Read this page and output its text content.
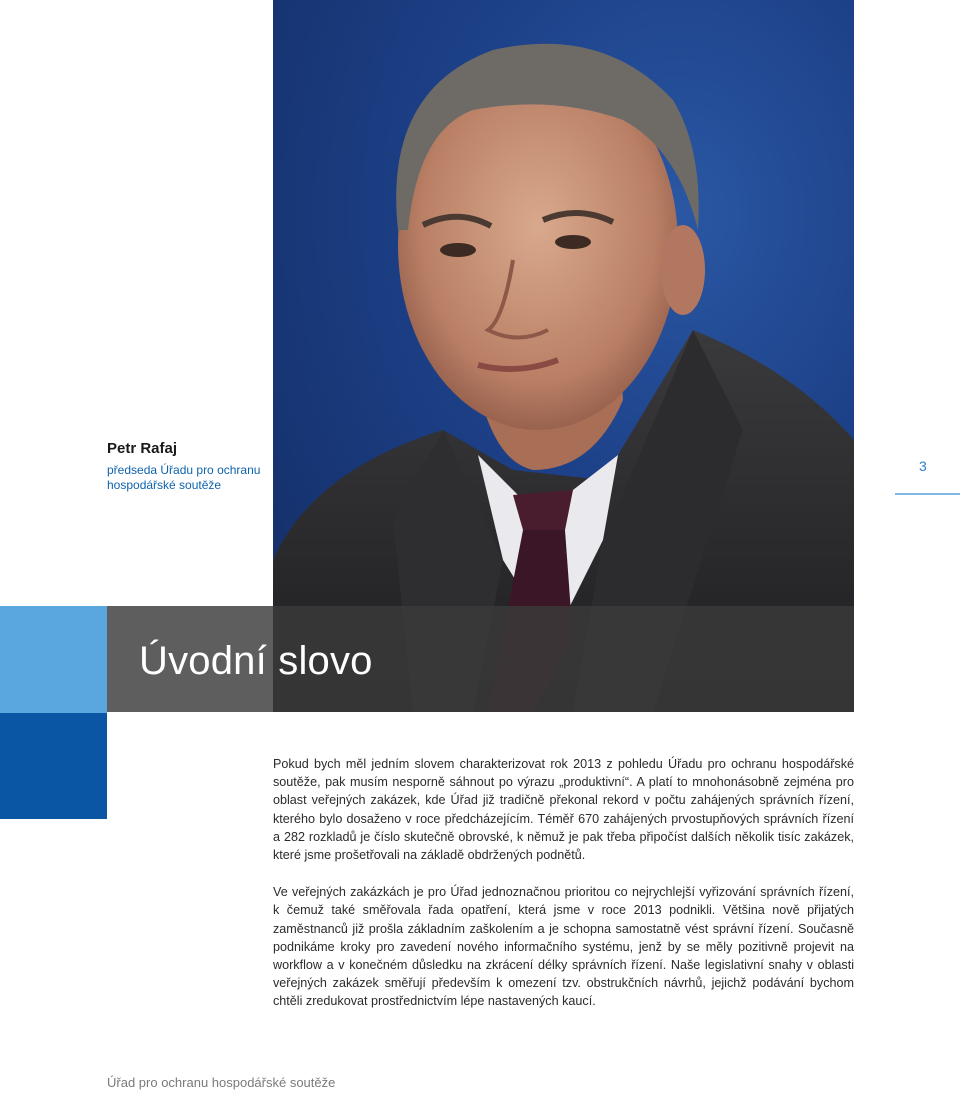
Petr Rafaj
předseda Úřadu pro ochranu
hospodářské soutěže
3
Úvodní slovo

Pokud bych měl jedním slovem charakterizovat rok 2013 z pohledu Úřadu pro ochranu hospodářské soutěže, pak musím nesporně sáhnout po výrazu „produktivní“. A platí to mnohonásobně zejména pro oblast veřejných zakázek, kde Úřad již tradičně překonal rekord v počtu zahájených správních řízení, kterého bylo dosaženo v roce předcházejícím. Téměř 670 zahájených prvostupňových správních řízení a 282 rozkladů je číslo skutečně obrovské, k němuž je pak třeba připočíst dalších několik tisíc zakázek, které jsme prošetřovali na základě obdržených podnětů.

Ve veřejných zakázkách je pro Úřad jednoznačnou prioritou co nejrychlejší vyřizování správních řízení, k čemuž také směřovala řada opatření, která jsme v roce 2013 podnikli. Většina nově přijatých zaměstnanců již prošla základním zaškolením a je schopna samostatně vést správní řízení. Současně podnikáme kroky pro zavedení nového informačního systému, jenž by se měly pozitivně projevit na workflow a v konečném důsledku na zkrácení délky správních řízení. Naše legislativní snahy v oblasti veřejných zakázek směřují především k omezení tzv. obstrukčních návrhů, jejichž podávání bychom chtěli zredukovat prostřednictvím lépe nastavených kaucí.

Úřad pro ochranu hospodářské soutěže
